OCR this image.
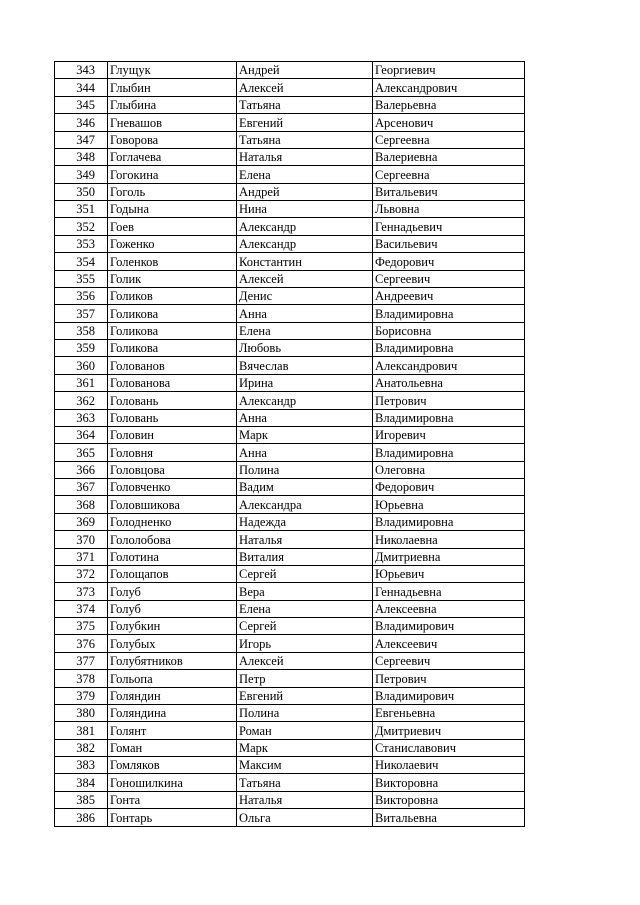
343	Глущук	Андрей	Георгиевич
344	Глыбин	Алексей	Александрович
345	Глыбина	Татьяна	Валерьевна
346	Гневашов	Евгений	Арсенович
347	Говорова	Татьяна	Сергеевна
348	Гоглачева	Наталья	Валериевна
349	Гогокина	Елена	Сергеевна
350	Гоголь	Андрей	Витальевич
351	Годына	Нина	Львовна
352	Гоев	Александр	Геннадьевич
353	Гоженко	Александр	Васильевич
354	Голенков	Константин	Федорович
355	Голик	Алексей	Сергеевич
356	Голиков	Денис	Андреевич
357	Голикова	Анна	Владимировна
358	Голикова	Елена	Борисовна
359	Голикова	Любовь	Владимировна
360	Голованов	Вячеслав	Александрович
361	Голованова	Ирина	Анатольевна
362	Головань	Александр	Петрович
363	Головань	Анна	Владимировна
364	Головин	Марк	Игоревич
365	Головня	Анна	Владимировна
366	Головцова	Полина	Олеговна
367	Головченко	Вадим	Федорович
368	Головшикова	Александра	Юрьевна
369	Голодненко	Надежда	Владимировна
370	Гололобова	Наталья	Николаевна
371	Голотина	Виталия	Дмитриевна
372	Голощапов	Сергей	Юрьевич
373	Голуб	Вера	Геннадьевна
374	Голуб	Елена	Алексеевна
375	Голубкин	Сергей	Владимирович
376	Голубых	Игорь	Алексеевич
377	Голубятников	Алексей	Сергеевич
378	Гольопа	Петр	Петрович
379	Голяндин	Евгений	Владимирович
380	Голяндина	Полина	Евгеньевна
381	Голянт	Роман	Дмитриевич
382	Гоман	Марк	Станиславович
383	Гомляков	Максим	Николаевич
384	Гоношилкина	Татьяна	Викторовна
385	Гонта	Наталья	Викторовна
386	Гонтарь	Ольга	Витальевна
